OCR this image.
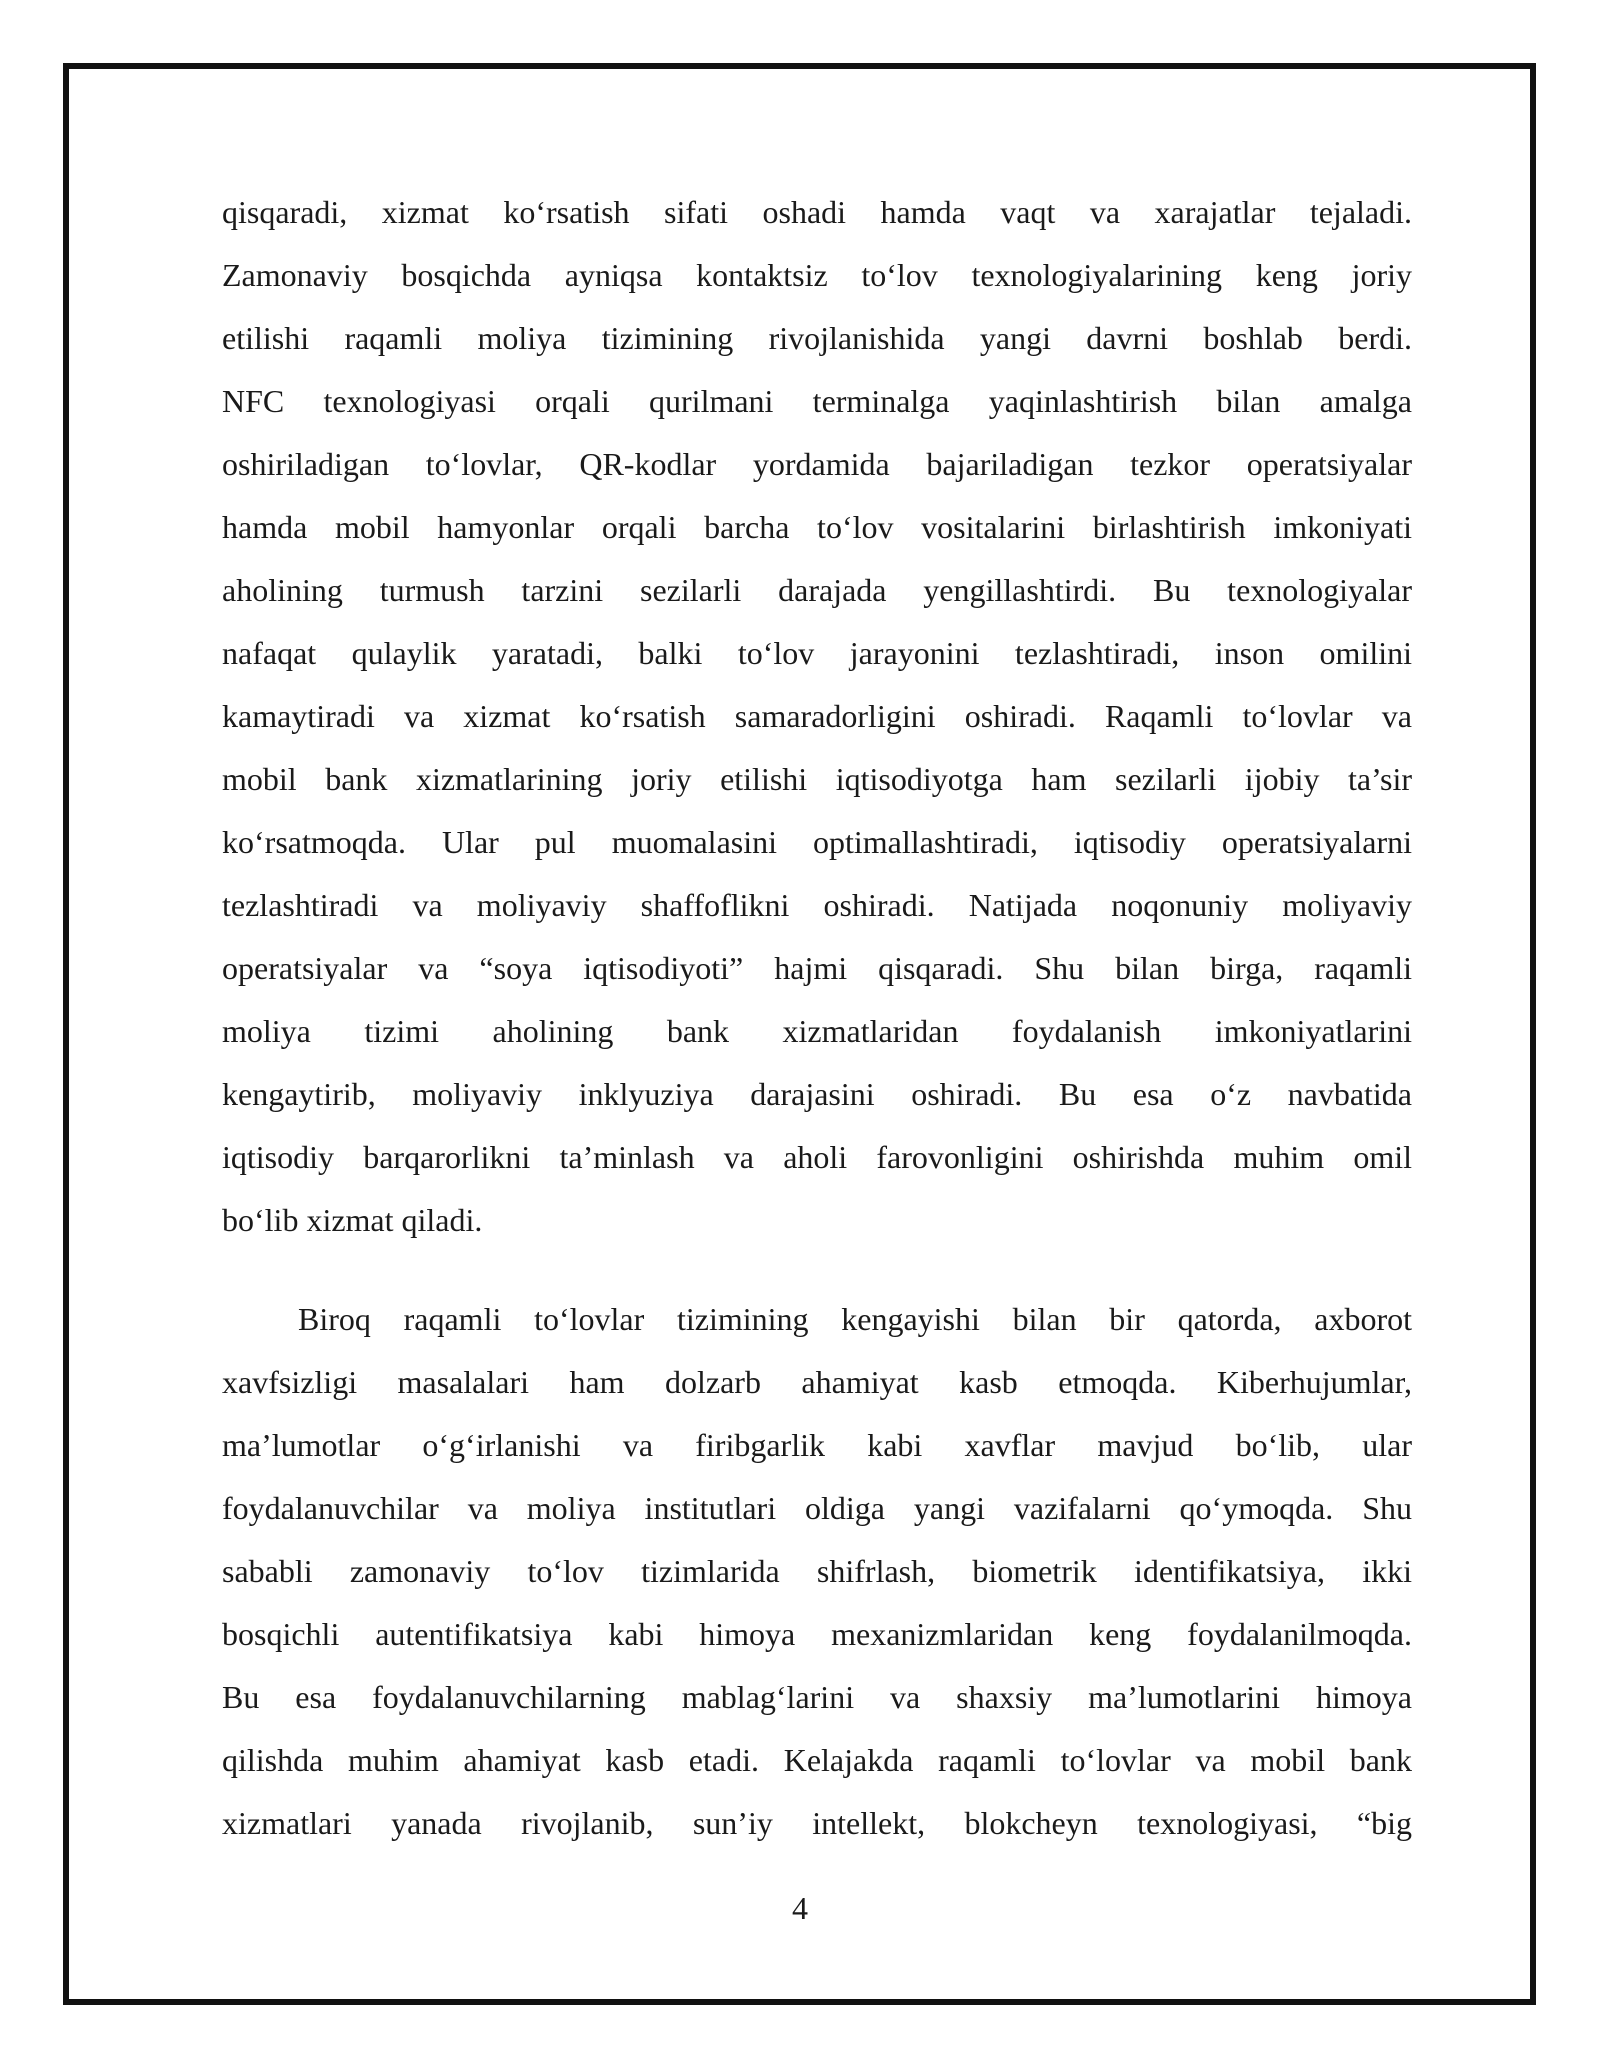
qisqaradi, xizmat ko‘rsatish sifati oshadi hamda vaqt va xarajatlar tejaladi.
Zamonaviy bosqichda ayniqsa kontaktsiz to‘lov texnologiyalarining keng joriy
etilishi raqamli moliya tizimining rivojlanishida yangi davrni boshlab berdi.
NFC texnologiyasi orqali qurilmani terminalga yaqinlashtirish bilan amalga
oshiriladigan to‘lovlar, QR-kodlar yordamida bajariladigan tezkor operatsiyalar
hamda mobil hamyonlar orqali barcha to‘lov vositalarini birlashtirish imkoniyati
aholining turmush tarzini sezilarli darajada yengillashtirdi. Bu texnologiyalar
nafaqat qulaylik yaratadi, balki to‘lov jarayonini tezlashtiradi, inson omilini
kamaytiradi va xizmat ko‘rsatish samaradorligini oshiradi. Raqamli to‘lovlar va
mobil bank xizmatlarining joriy etilishi iqtisodiyotga ham sezilarli ijobiy ta’sir
ko‘rsatmoqda. Ular pul muomalasini optimallashtiradi, iqtisodiy operatsiyalarni
tezlashtiradi va moliyaviy shaffoflikni oshiradi. Natijada noqonuniy moliyaviy
operatsiyalar va “soya iqtisodiyoti” hajmi qisqaradi. Shu bilan birga, raqamli
moliya tizimi aholining bank xizmatlaridan foydalanish imkoniyatlarini
kengaytirib, moliyaviy inklyuziya darajasini oshiradi. Bu esa o‘z navbatida
iqtisodiy barqarorlikni ta’minlash va aholi farovonligini oshirishda muhim omil
bo‘lib xizmat qiladi.
Biroq raqamli to‘lovlar tizimining kengayishi bilan bir qatorda, axborot
xavfsizligi masalalari ham dolzarb ahamiyat kasb etmoqda. Kiberhujumlar,
ma’lumotlar o‘g‘irlanishi va firibgarlik kabi xavflar mavjud bo‘lib, ular
foydalanuvchilar va moliya institutlari oldiga yangi vazifalarni qo‘ymoqda. Shu
sababli zamonaviy to‘lov tizimlarida shifrlash, biometrik identifikatsiya, ikki
bosqichli autentifikatsiya kabi himoya mexanizmlaridan keng foydalanilmoqda.
Bu esa foydalanuvchilarning mablag‘larini va shaxsiy ma’lumotlarini himoya
qilishda muhim ahamiyat kasb etadi. Kelajakda raqamli to‘lovlar va mobil bank
xizmatlari yanada rivojlanib, sun’iy intellekt, blokcheyn texnologiyasi, “big
4
